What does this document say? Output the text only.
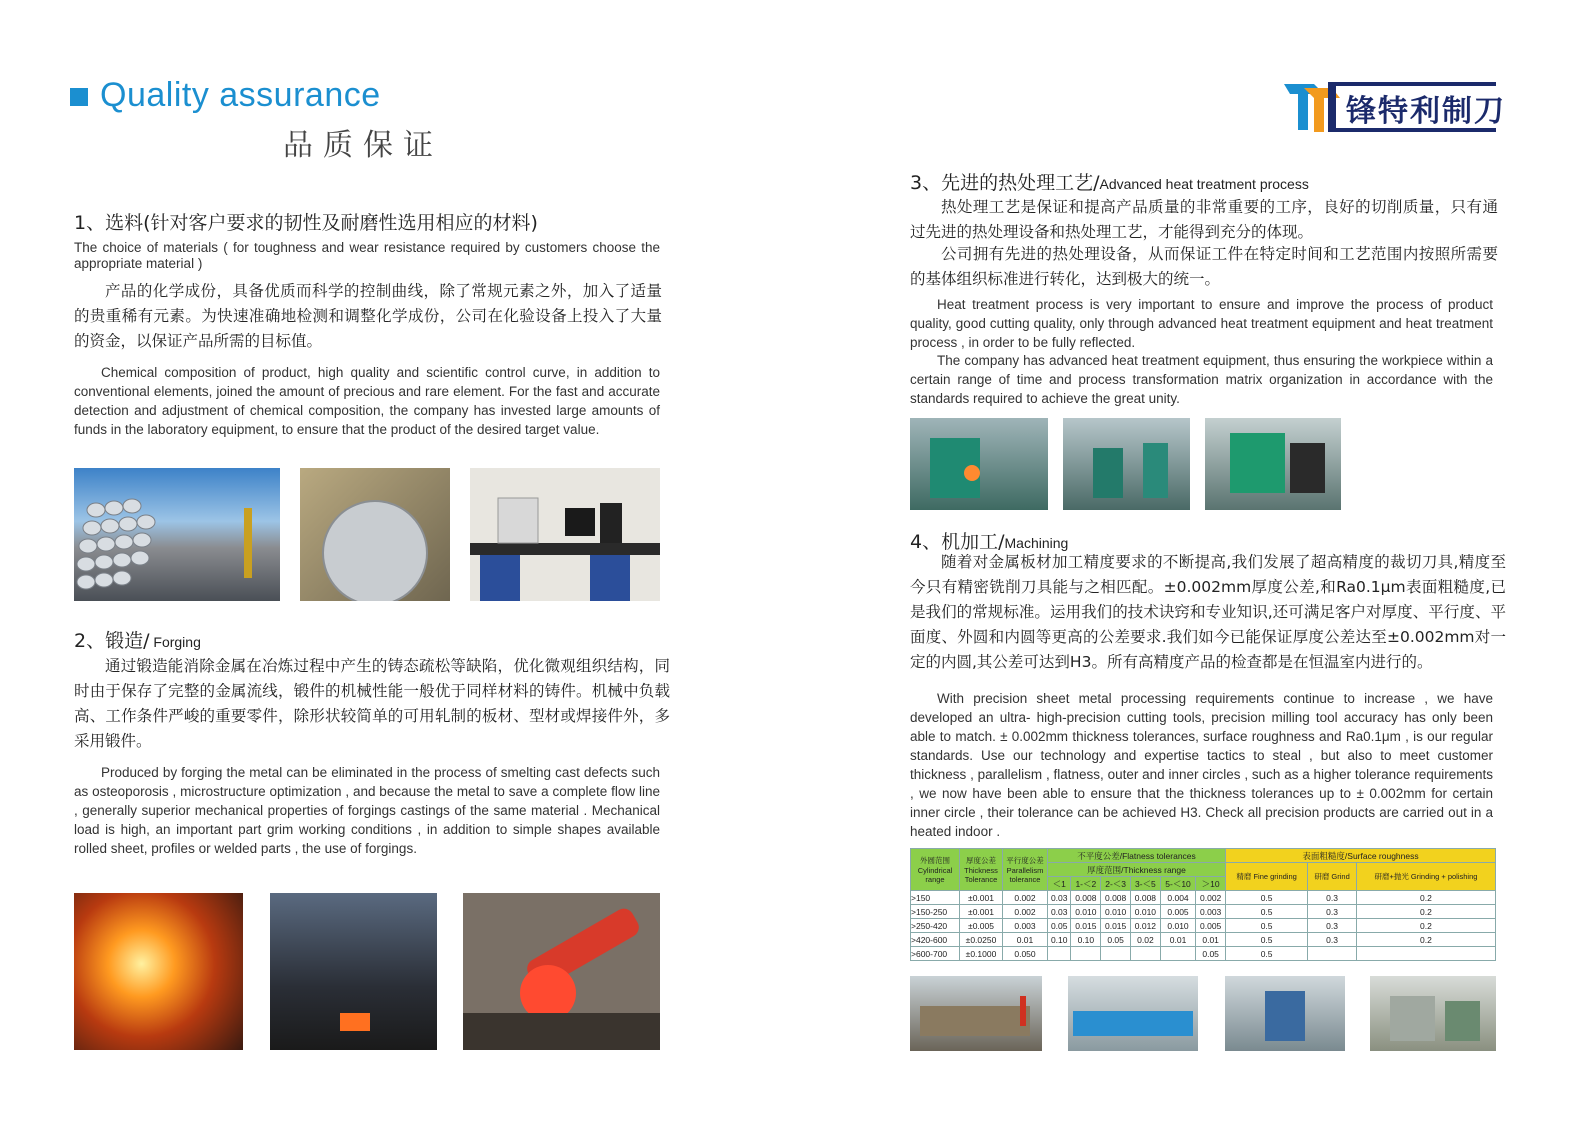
Quality assurance
品质保证
锋特利制刀
1、选料(针对客户要求的韧性及耐磨性选用相应的材料)
The choice of materials ( for toughness and wear resistance required by customers choose the appropriate material )
产品的化学成份，具备优质而科学的控制曲线，除了常规元素之外，加入了适量的贵重稀有元素。为快速准确地检测和调整化学成份，公司在化验设备上投入了大量的资金，以保证产品所需的目标值。
Chemical composition of product, high quality and scientific control curve, in addition to conventional elements, joined the amount of precious and rare element. For the fast and accurate detection and adjustment of chemical composition, the company has invested large amounts of funds in the laboratory equipment, to ensure that the product of the desired target value.
2、锻造/ Forging
通过锻造能消除金属在冶炼过程中产生的铸态疏松等缺陷，优化微观组织结构，同时由于保存了完整的金属流线，锻件的机械性能一般优于同样材料的铸件。机械中负载高、工作条件严峻的重要零件，除形状较简单的可用轧制的板材、型材或焊接件外，多采用锻件。
Produced by forging the metal can be eliminated in the process of smelting cast defects such as osteoporosis , microstructure optimization , and because the metal to save a complete flow line , generally superior mechanical properties of forgings castings of the same material . Mechanical load is high, an important part grim working conditions , in addition to simple shapes available rolled sheet, profiles or welded parts , the use of forgings.
3、先进的热处理工艺/Advanced heat treatment process
热处理工艺是保证和提高产品质量的非常重要的工序，良好的切削质量，只有通过先进的热处理设备和热处理工艺，才能得到充分的体现。
公司拥有先进的热处理设备，从而保证工件在特定时间和工艺范围内按照所需要的基体组织标准进行转化，达到极大的统一。
Heat treatment process is very important to ensure and improve the process of product quality, good cutting quality, only through advanced heat treatment equipment and heat treatment process , in order to be fully reflected.
The company has advanced heat treatment equipment, thus ensuring the workpiece within a certain range of time and process transformation matrix organization in accordance with the standards required to achieve the great unity.
4、机加工/Machining
随着对金属板材加工精度要求的不断提高,我们发展了超高精度的裁切刀具,精度至今只有精密铣削刀具能与之相匹配。±0.002mm厚度公差,和Ra0.1μm表面粗糙度,已是我们的常规标准。运用我们的技术诀窍和专业知识,还可满足客户对厚度、平行度、平面度、外圆和内圆等更高的公差要求.我们如今已能保证厚度公差达至±0.002mm对一定的内圆,其公差可达到H3。所有高精度产品的检查都是在恒温室内进行的。
With precision sheet metal processing requirements continue to increase , we have developed an ultra- high-precision cutting tools, precision milling tool accuracy has only been able to match. ± 0.002mm thickness tolerances, surface roughness and Ra0.1μm , is our regular standards. Use our technology and expertise tactics to steal , but also to meet customer thickness , parallelism , flatness, outer and inner circles , such as a higher tolerance requirements , we now have been able to ensure that the thickness tolerances up to ± 0.002mm for certain inner circle , their tolerance can be achieved H3. Check all precision products are carried out in a heated indoor .
外圆范围 Cylindrical range	厚度公差 Thickness Tolerance	平行度公差 Parallelism tolerance	不平度公差/Flatness tolerances						表面粗糙度/Surface roughness		
			厚度范围/Thickness range						精磨 Fine grinding	研磨 Grind	研磨+抛光 Grinding + polishing
			＜1	1-＜2	2-＜3	3-＜5	5-＜10	＞10			
>150	±0.001	0.002	0.03	0.008	0.008	0.008	0.004	0.002	0.5	0.3	0.2
>150-250	±0.001	0.002	0.03	0.010	0.010	0.010	0.005	0.003	0.5	0.3	0.2
>250-420	±0.005	0.003	0.05	0.015	0.015	0.012	0.010	0.005	0.5	0.3	0.2
>420-600	±0.0250	0.01	0.10	0.10	0.05	0.02	0.01	0.01	0.5	0.3	0.2
>600-700	±0.1000	0.050						0.05	0.5		
